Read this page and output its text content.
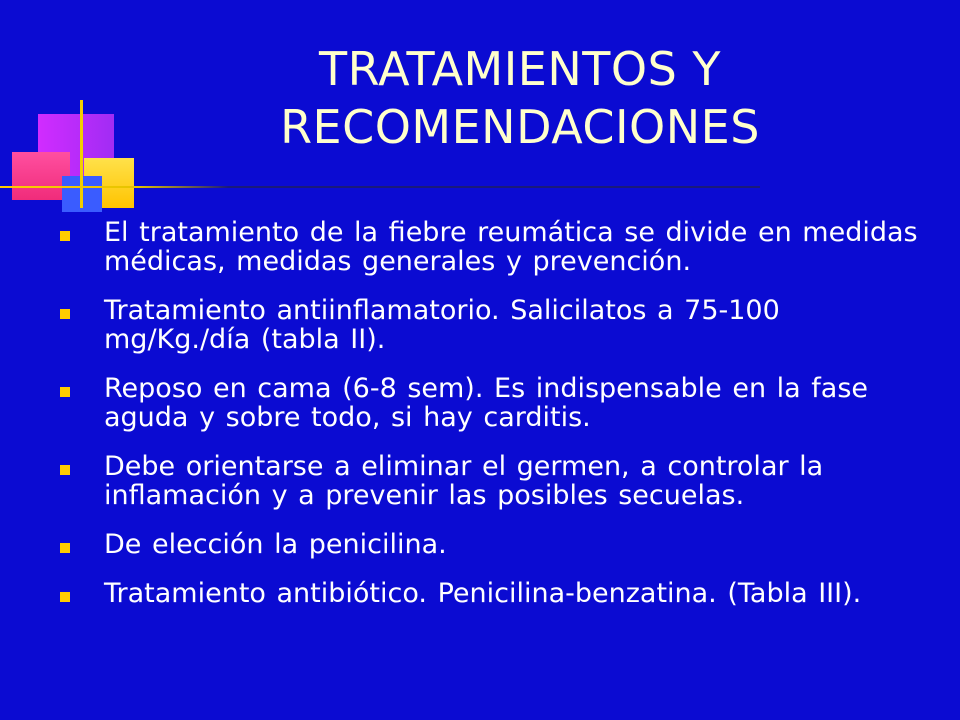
TRATAMIENTOS Y
RECOMENDACIONES
El tratamiento de la fiebre reumática se divide en medidas médicas, medidas generales y prevención.
Tratamiento antiinflamatorio. Salicilatos a 75-100 mg/Kg./día (tabla II).
Reposo en cama (6-8 sem). Es indispensable en la fase aguda y sobre todo, si hay carditis.
Debe orientarse a eliminar el germen, a controlar la inflamación y a prevenir las posibles secuelas.
De elección la penicilina.
Tratamiento antibiótico. Penicilina-benzatina. (Tabla III).
